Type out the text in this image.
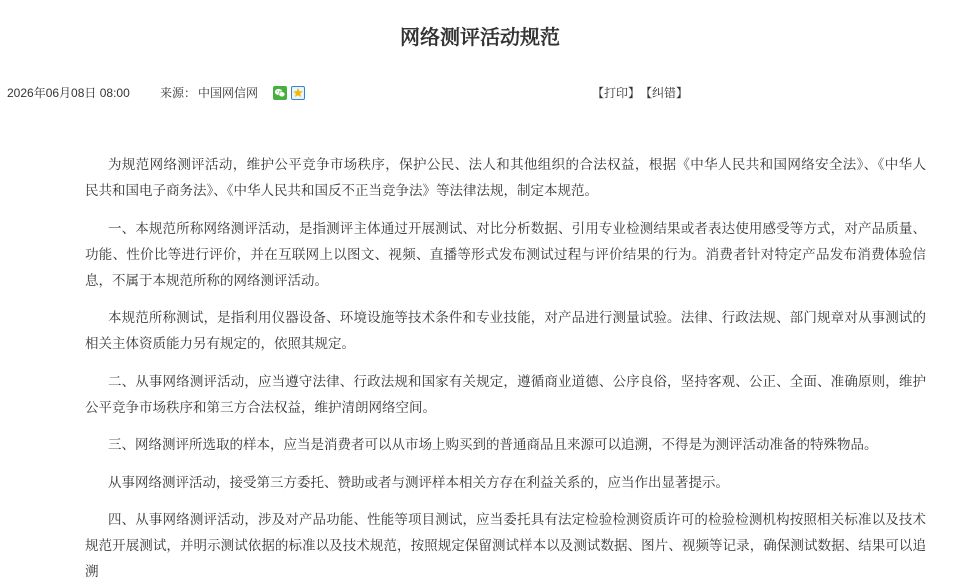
网络测评活动规范
2026年06月08日 08:00	来源： 中国网信网	【打印】【纠错】

为规范网络测评活动，维护公平竞争市场秩序，保护公民、法人和其他组织的合法权益，根据《中华人民共和国网络安全法》、《中华人
民共和国电子商务法》、《中华人民共和国反不正当竞争法》等法律法规，制定本规范。

一、本规范所称网络测评活动，是指测评主体通过开展测试、对比分析数据、引用专业检测结果或者表达使用感受等方式，对产品质量、
功能、性价比等进行评价，并在互联网上以图文、视频、直播等形式发布测试过程与评价结果的行为。消费者针对特定产品发布消费体验信
息，不属于本规范所称的网络测评活动。

本规范所称测试，是指利用仪器设备、环境设施等技术条件和专业技能，对产品进行测量试验。法律、行政法规、部门规章对从事测试的
相关主体资质能力另有规定的，依照其规定。

二、从事网络测评活动，应当遵守法律、行政法规和国家有关规定，遵循商业道德、公序良俗，坚持客观、公正、全面、准确原则，维护
公平竞争市场秩序和第三方合法权益，维护清朗网络空间。

三、网络测评所选取的样本，应当是消费者可以从市场上购买到的普通商品且来源可以追溯，不得是为测评活动准备的特殊物品。

从事网络测评活动，接受第三方委托、赞助或者与测评样本相关方存在利益关系的，应当作出显著提示。

四、从事网络测评活动，涉及对产品功能、性能等项目测试，应当委托具有法定检验检测资质许可的检验检测机构按照相关标准以及技术
规范开展测试，并明示测试依据的标准以及技术规范，按照规定保留测试样本以及测试数据、图片、视频等记录，确保测试数据、结果可以追
溯
